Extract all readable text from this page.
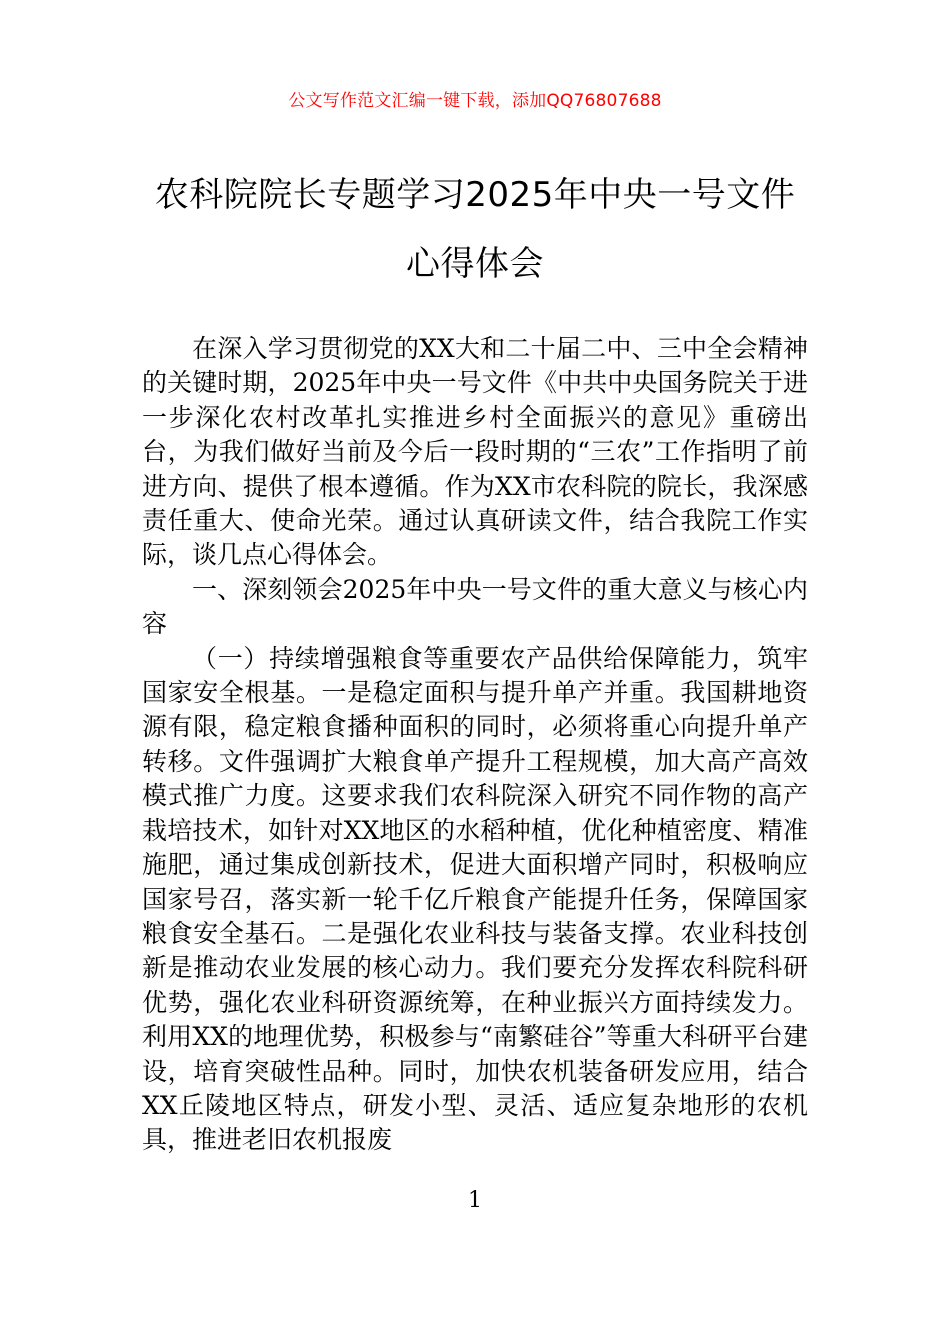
公文写作范文汇编一键下载，添加QQ76807688
农科院院长专题学习2025年中央一号文件
心得体会

在深入学习贯彻党的XX大和二十届二中、三中全会精神的关键时期，2025年中央一号文件《中共中央国务院关于进一步深化农村改革扎实推进乡村全面振兴的意见》重磅出台，为我们做好当前及今后一段时期的“三农”工作指明了前进方向、提供了根本遵循。作为XX市农科院的院长，我深感责任重大、使命光荣。通过认真研读文件，结合我院工作实际，谈几点心得体会。

一、深刻领会2025年中央一号文件的重大意义与核心内容

（一）持续增强粮食等重要农产品供给保障能力，筑牢国家安全根基。一是稳定面积与提升单产并重。我国耕地资源有限，稳定粮食播种面积的同时，必须将重心向提升单产转移。文件强调扩大粮食单产提升工程规模，加大高产高效模式推广力度。这要求我们农科院深入研究不同作物的高产栽培技术，如针对XX地区的水稻种植，优化种植密度、精准施肥，通过集成创新技术，促进大面积增产同时，积极响应国家号召，落实新一轮千亿斤粮食产能提升任务，保障国家粮食安全基石。二是强化农业科技与装备支撑。农业科技创新是推动农业发展的核心动力。我们要充分发挥农科院科研优势，强化农业科研资源统筹，在种业振兴方面持续发力。利用XX的地理优势，积极参与“南繁硅谷”等重大科研平台建设，培育突破性品种。同时，加快农机装备研发应用，结合XX丘陵地区特点，研发小型、灵活、适应复杂地形的农机具，推进老旧农机报废

1
